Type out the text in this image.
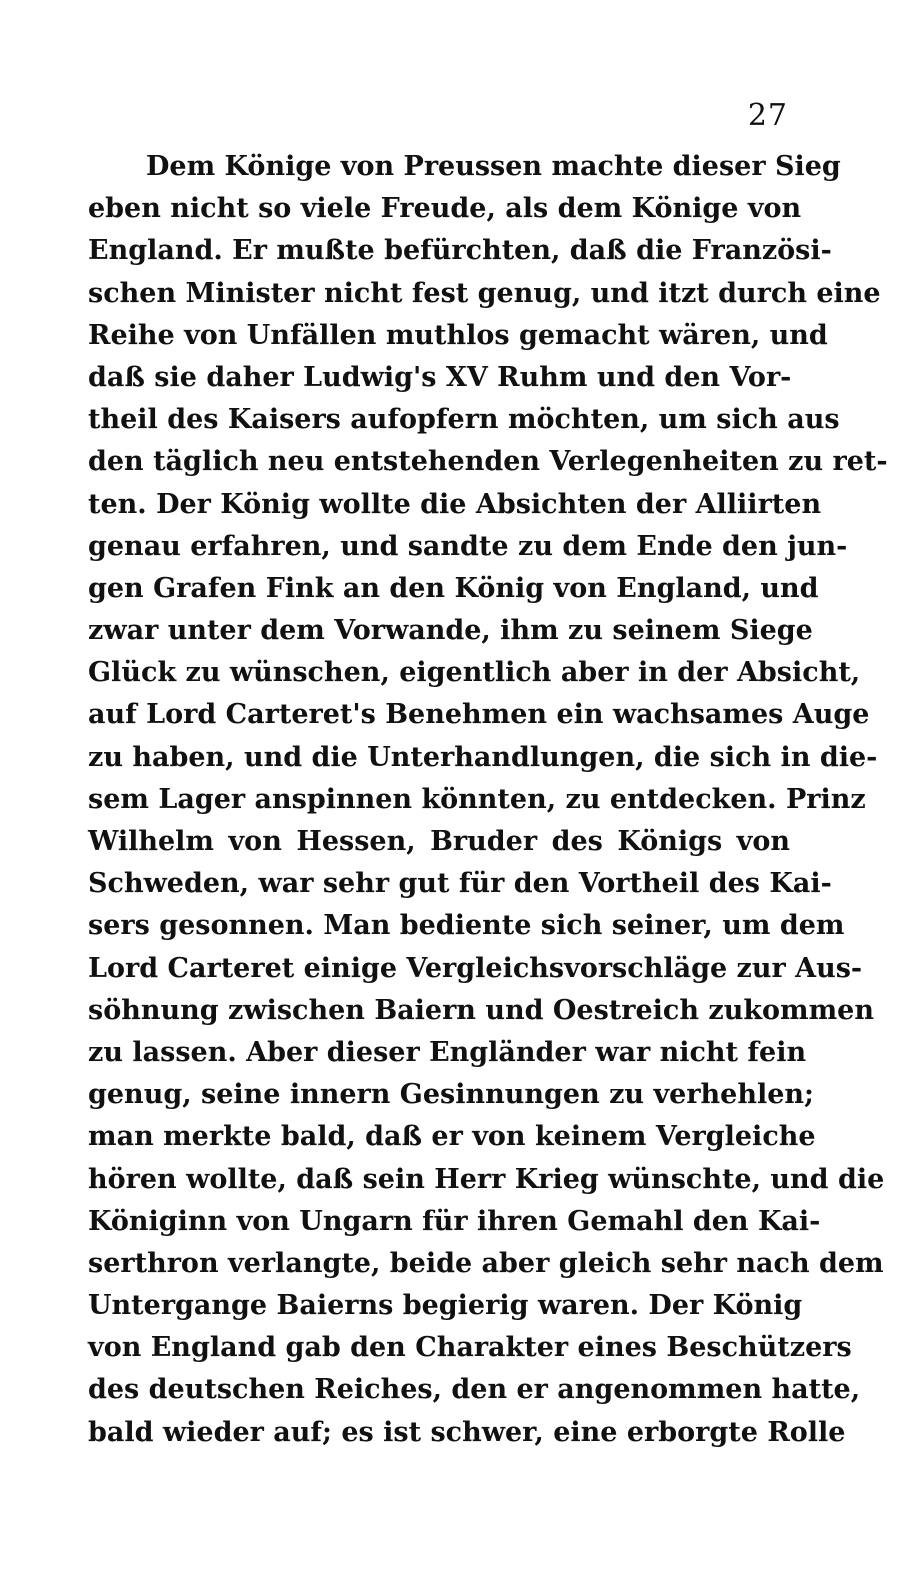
27
Dem Könige von Preussen machte dieser Sieg
eben nicht so viele Freude, als dem Könige von
England. Er mußte befürchten, daß die Französi-
schen Minister nicht fest genug, und itzt durch eine
Reihe von Unfällen muthlos gemacht wären, und
daß sie daher Ludwig's XV Ruhm und den Vor-
theil des Kaisers aufopfern möchten, um sich aus
den täglich neu entstehenden Verlegenheiten zu ret-
ten. Der König wollte die Absichten der Alliirten
genau erfahren, und sandte zu dem Ende den jun-
gen Grafen Fink an den König von England, und
zwar unter dem Vorwande, ihm zu seinem Siege
Glück zu wünschen, eigentlich aber in der Absicht,
auf Lord Carteret's Benehmen ein wachsames Auge
zu haben, und die Unterhandlungen, die sich in die-
sem Lager anspinnen könnten, zu entdecken. Prinz
Wilhelm von Hessen, Bruder des Königs von
Schweden, war sehr gut für den Vortheil des Kai-
sers gesonnen. Man bediente sich seiner, um dem
Lord Carteret einige Vergleichsvorschläge zur Aus-
söhnung zwischen Baiern und Oestreich zukommen
zu lassen. Aber dieser Engländer war nicht fein
genug, seine innern Gesinnungen zu verhehlen;
man merkte bald, daß er von keinem Vergleiche
hören wollte, daß sein Herr Krieg wünschte, und die
Königinn von Ungarn für ihren Gemahl den Kai-
serthron verlangte, beide aber gleich sehr nach dem
Untergange Baierns begierig waren. Der König
von England gab den Charakter eines Beschützers
des deutschen Reiches, den er angenommen hatte,
bald wieder auf; es ist schwer, eine erborgte Rolle
